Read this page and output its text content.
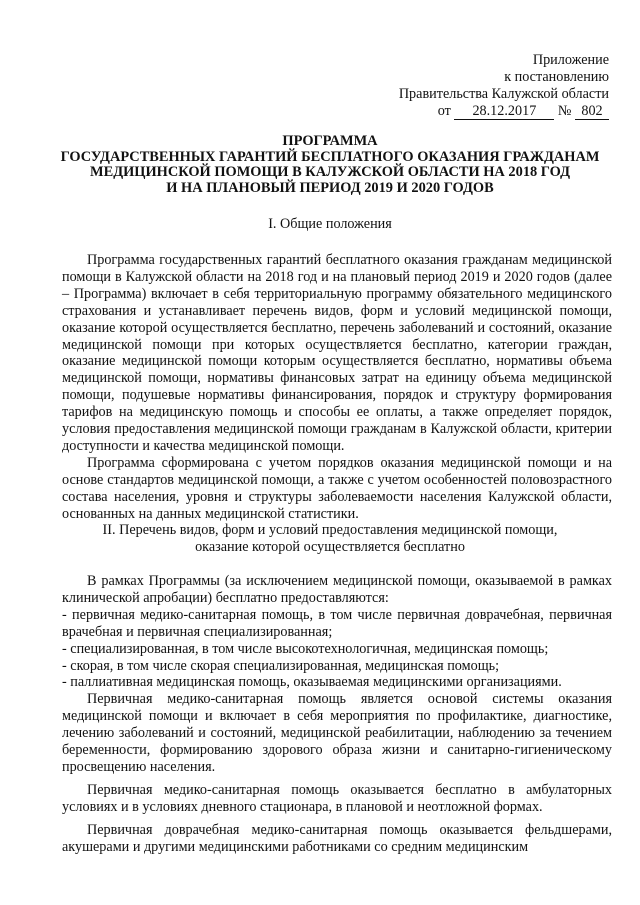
Приложение
к постановлению
Правительства Калужской области
от 28.12.2017 № 802
ПРОГРАММА
ГОСУДАРСТВЕННЫХ ГАРАНТИЙ БЕСПЛАТНОГО ОКАЗАНИЯ ГРАЖДАНАМ
МЕДИЦИНСКОЙ ПОМОЩИ В КАЛУЖСКОЙ ОБЛАСТИ НА 2018 ГОД
И НА ПЛАНОВЫЙ ПЕРИОД 2019 И 2020 ГОДОВ
I. Общие положения

Программа государственных гарантий бесплатного оказания гражданам медицинской помощи в Калужской области на 2018 год и на плановый период 2019 и 2020 годов (далее – Программа) включает в себя территориальную программу обязательного медицинского страхования и устанавливает перечень видов, форм и условий медицинской помощи, оказание которой осуществляется бесплатно, перечень заболеваний и состояний, оказание медицинской помощи при которых осуществляется бесплатно, категории граждан, оказание медицинской помощи которым осуществляется бесплатно, нормативы объема медицинской помощи, нормативы финансовых затрат на единицу объема медицинской помощи, подушевые нормативы финансирования, порядок и структуру формирования тарифов на медицинскую помощь и способы ее оплаты, а также определяет порядок, условия предоставления медицинской помощи гражданам в Калужской области, критерии доступности и качества медицинской помощи.

Программа сформирована с учетом порядков оказания медицинской помощи и на основе стандартов медицинской помощи, а также с учетом особенностей половозрастного состава населения, уровня и структуры заболеваемости населения Калужской области, основанных на данных медицинской статистики.

II. Перечень видов, форм и условий предоставления медицинской помощи,
оказание которой осуществляется бесплатно

В рамках Программы (за исключением медицинской помощи, оказываемой в рамках клинической апробации) бесплатно предоставляются:

- первичная медико-санитарная помощь, в том числе первичная доврачебная, первичная врачебная и первичная специализированная;

- специализированная, в том числе высокотехнологичная, медицинская помощь;

- скорая, в том числе скорая специализированная, медицинская помощь;

- паллиативная медицинская помощь, оказываемая медицинскими организациями.

Первичная медико-санитарная помощь является основой системы оказания медицинской помощи и включает в себя мероприятия по профилактике, диагностике, лечению заболеваний и состояний, медицинской реабилитации, наблюдению за течением беременности, формированию здорового образа жизни и санитарно-гигиеническому просвещению населения.

Первичная медико-санитарная помощь оказывается бесплатно в амбулаторных условиях и в условиях дневного стационара, в плановой и неотложной формах.

Первичная доврачебная медико-санитарная помощь оказывается фельдшерами, акушерами и другими медицинскими работниками со средним медицинским
